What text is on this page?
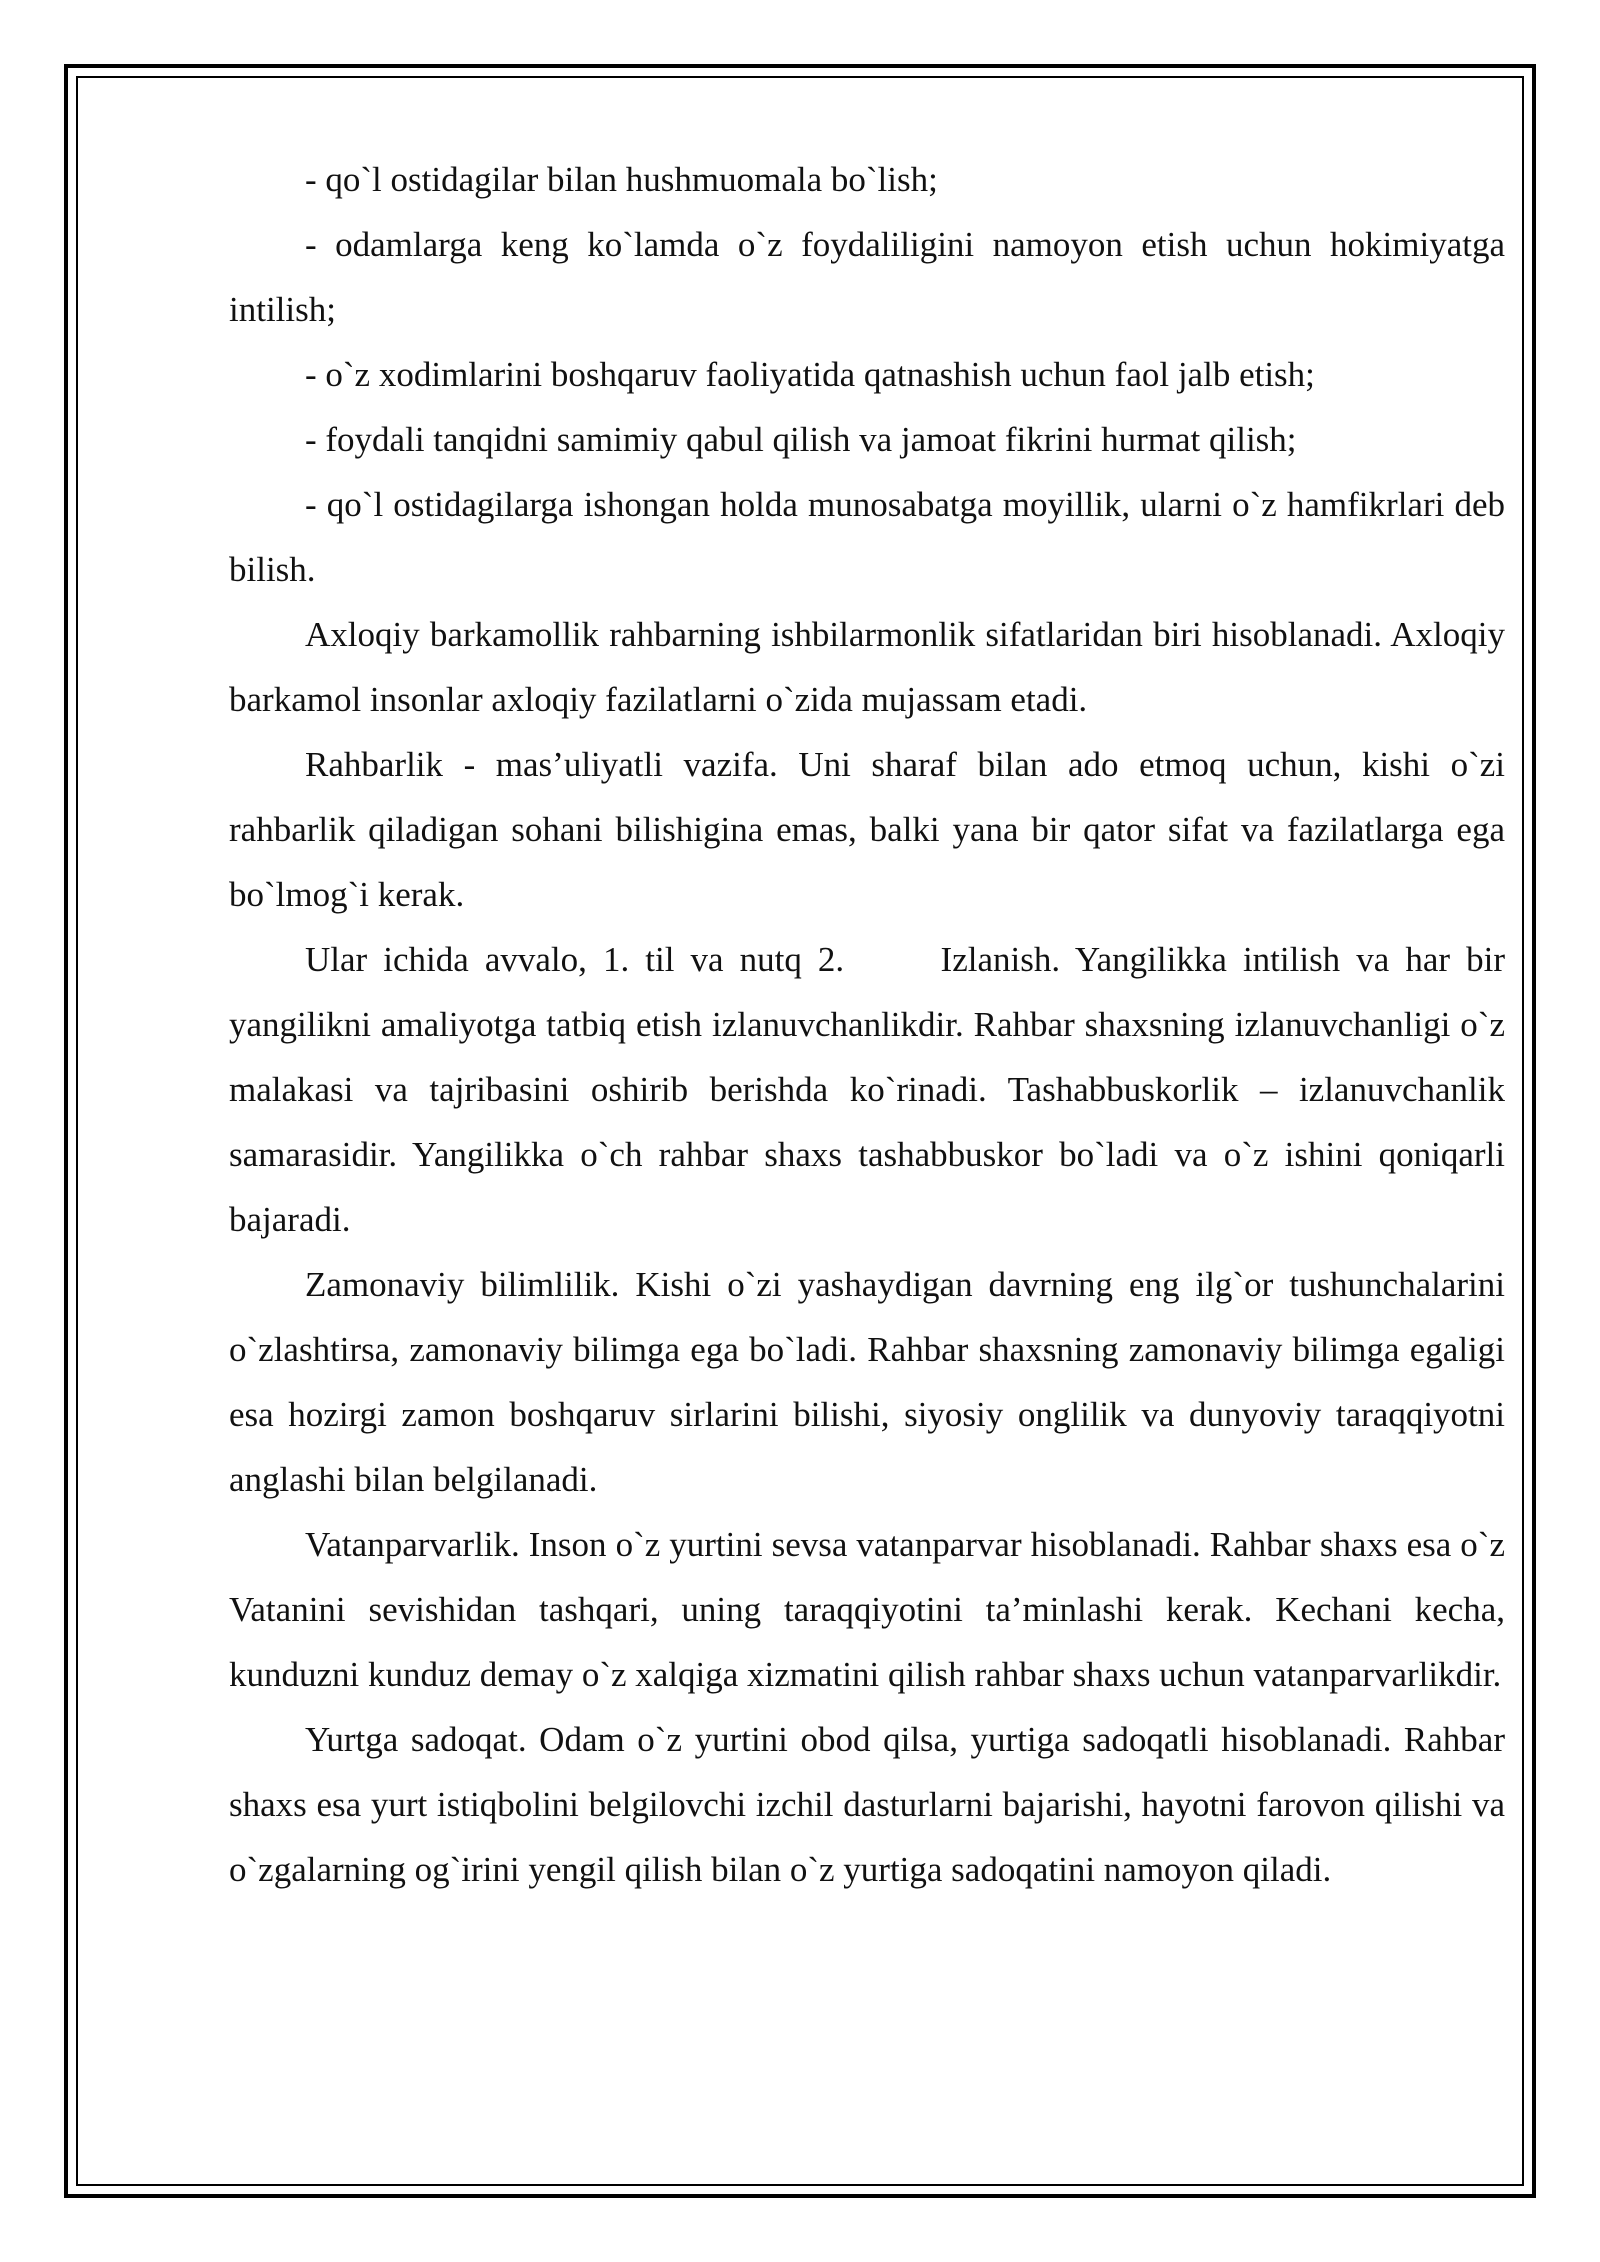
- qo`l ostidagilar bilan hushmuomala bo`lish;

- odamlarga keng ko`lamda o`z foydaliligini namoyon etish uchun hokimiyatga intilish;

- o`z xodimlarini boshqaruv faoliyatida qatnashish uchun faol jalb etish;

- foydali tanqidni samimiy qabul qilish va jamoat fikrini hurmat qilish;

- qo`l ostidagilarga ishongan holda munosabatga moyillik, ularni o`z hamfikrlari deb bilish.

Axloqiy barkamollik rahbarning ishbilarmonlik sifatlaridan biri hisoblanadi. Axloqiy barkamol insonlar axloqiy fazilatlarni o`zida mujassam etadi.

Rahbarlik - mas’uliyatli vazifa. Uni sharaf bilan ado etmoq uchun, kishi o`zi rahbarlik qiladigan sohani bilishigina emas, balki yana bir qator sifat va fazilatlarga ega bo`lmog`i kerak.

Ular ichida avvalo, 1. til va nutq 2.      Izlanish. Yangilikka intilish va har bir yangilikni amaliyotga tatbiq etish izlanuvchanlikdir. Rahbar shaxsning izlanuvchanligi o`z malakasi va tajribasini oshirib berishda ko`rinadi. Tashabbuskorlik – izlanuvchanlik samarasidir. Yangilikka o`ch rahbar shaxs tashabbuskor bo`ladi va o`z ishini qoniqarli bajaradi.

Zamonaviy bilimlilik. Kishi o`zi yashaydigan davrning eng ilg`or tushunchalarini o`zlashtirsa, zamonaviy bilimga ega bo`ladi. Rahbar shaxsning zamonaviy bilimga egaligi esa hozirgi zamon boshqaruv sirlarini bilishi, siyosiy onglilik va dunyoviy taraqqiyotni anglashi bilan belgilanadi.

Vatanparvarlik. Inson o`z yurtini sevsa vatanparvar hisoblanadi. Rahbar shaxs esa o`z Vatanini sevishidan tashqari, uning taraqqiyotini ta’minlashi kerak. Kechani kecha, kunduzni kunduz demay o`z xalqiga xizmatini qilish rahbar shaxs uchun vatanparvarlikdir.

Yurtga sadoqat. Odam o`z yurtini obod qilsa, yurtiga sadoqatli hisoblanadi. Rahbar shaxs esa yurt istiqbolini belgilovchi izchil dasturlarni bajarishi, hayotni farovon qilishi va o`zgalarning og`irini yengil qilish bilan o`z yurtiga sadoqatini namoyon qiladi.
